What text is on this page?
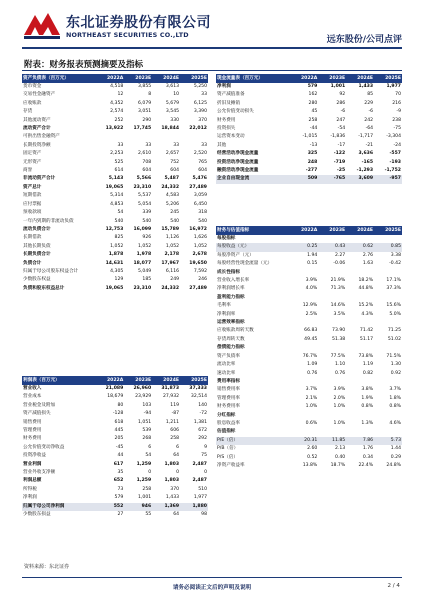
东北证券股份有限公司
NORTHEAST SECURITIES CO.,LTD	远东股份/公司点评
附表：财务报表预测摘要及指标
资产负债表（百万元）	2022A	2023E	2024E	2025E
货币资金	4,518	3,855	3,613	5,250
交易性金融资产	12	8	10	33
应收账款	4,352	6,079	5,679	6,125
存货	2,574	3,051	3,545	3,390
其他流动资产	252	290	330	370
流动资产合计	13,922	17,745	18,844	22,012
可供出售金融资产				
长期投资净额	33	33	33	33
固定资产	2,253	2,610	2,657	2,520
无形资产	525	708	752	765
商誉	614	604	604	604
非流动资产合计	5,143	5,566	5,487	5,476
资产总计	19,065	23,310	24,332	27,489
短期借款	5,314	5,537	4,583	3,059
应付票据	4,853	5,054	5,206	6,450
预收款项	54	339	245	318
一年内到期的非流动负债	540	540	540	540
流动负债合计	12,753	16,099	15,789	16,972
长期借款	825	926	1,126	1,626
其他长期负债	1,052	1,052	1,052	1,052
长期负债合计	1,878	1,978	2,178	2,678
负债合计	14,631	18,077	17,967	19,650
归属于母公司股东权益合计	4,305	5,049	6,116	7,592
少数股东权益	129	185	249	246
负债和股东权益总计	19,065	23,310	24,332	27,489
利润表（百万元）	2022A	2023E	2024E	2025E
营业收入	21,089	26,960	31,873	37,333
营业成本	18,679	23,929	27,932	32,514
营业税金及附加	80	103	119	140
资产减值损失	-128	-94	-87	-72
销售费用	618	1,051	1,211	1,381
管理费用	445	539	606	672
财务费用	205	268	258	292
公允价值变动净收益	-45	6	6	9
投资净收益	44	54	64	75
营业利润	617	1,259	1,803	2,487
营业外收支净额	35	0	0	0
利润总额	652	1,259	1,803	2,487
所得税	73	258	370	510
净利润	579	1,001	1,433	1,977
归属于母公司净利润	552	946	1,369	1,880
少数股东损益	27	55	64	98
现金流量表（百万元）	2022A	2023E	2024E	2025E
净利润	579	1,001	1,433	1,977
资产减值准备	162	92	85	70
折旧及摊销	280	286	229	216
公允价值变动损失	45	-6	-6	-9
财务费用	258	247	242	238
投资损失	-44	-54	-64	-75
运营资本变动	-1,015	-1,836	-1,717	-3,304
其他	-13	-17	-21	-24
经营活动净现金流量	325	-122	3,636	-557
投资活动净现金流量	248	-719	-165	-193
融资活动净现金流量	-277	-25	-1,293	-1,752
企业自由现金流	509	-765	3,609	-957
财务与估值指标	2022A	2023E	2024E	2025E
每股指标				
每股收益（元）	0.25	0.43	0.62	0.85
每股净资产（元）	1.94	2.27	2.76	3.38
每股经营性现金流量（元）	0.15	-0.06	1.63	-0.42
成长性指标				
营业收入增长率	3.9%	21.9%	18.2%	17.1%
净利润增长率	4.0%	71.3%	44.8%	37.3%
盈利能力指标				
毛利率	12.9%	14.6%	15.2%	15.6%
净利润率	2.5%	3.5%	4.3%	5.0%
运营效率指标				
应收账款周转天数	66.83	73.90	71.42	71.25
存货周转天数	49.45	51.38	51.17	51.02
偿债能力指标				
资产负债率	76.7%	77.5%	73.8%	71.5%
流动比率	1.09	1.10	1.19	1.30
速动比率	0.76	0.76	0.82	0.92
费用率指标				
销售费用率	3.7%	3.9%	3.8%	3.7%
管理费用率	2.1%	2.0%	1.9%	1.8%
财务费用率	1.0%	1.0%	0.8%	0.8%
分红指标				
股息收益率	0.6%	1.0%	1.3%	4.6%
估值指标				
P/E（倍）	20.31	11.85	7.86	5.73
P/B（倍）	2.60	2.13	1.76	1.44
P/S（倍）	0.52	0.40	0.34	0.29
净资产收益率	13.8%	18.7%	22.4%	24.8%
资料来源：东北证券
请务必阅读正文后的声明及说明	2 / 4
